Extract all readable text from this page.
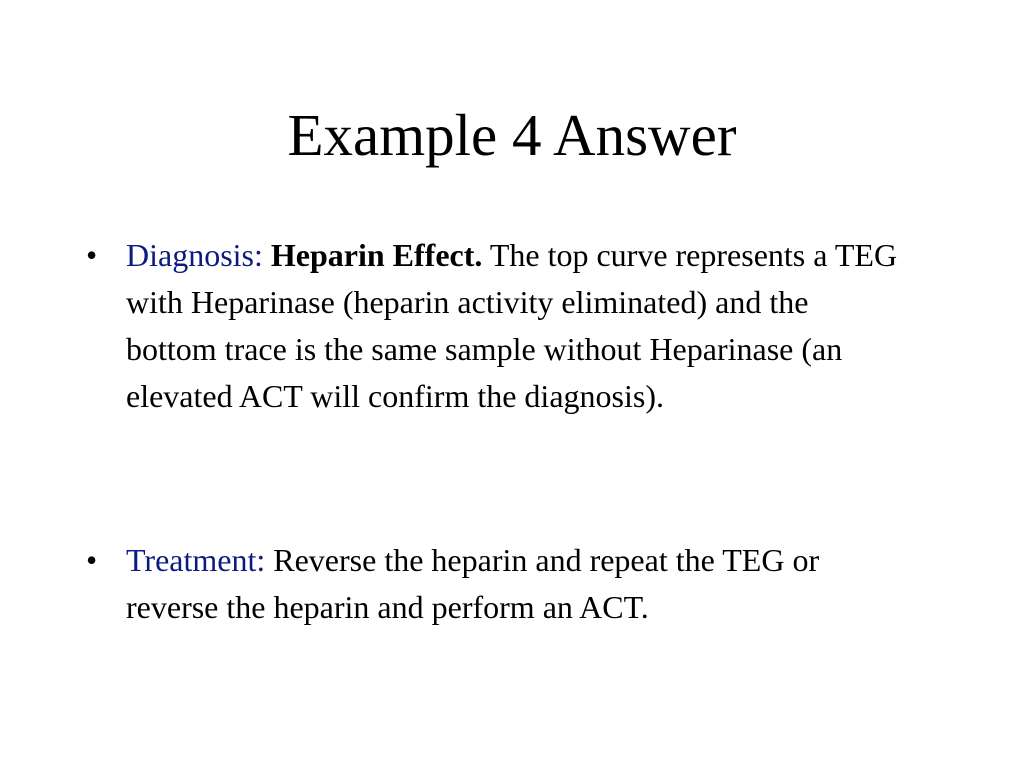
Example 4 Answer
• Diagnosis: Heparin Effect. The top curve represents a TEG with Heparinase (heparin activity eliminated) and the bottom trace is the same sample without Heparinase (an elevated ACT will confirm the diagnosis).
• Treatment: Reverse the heparin and repeat the TEG or reverse the heparin and perform an ACT.
